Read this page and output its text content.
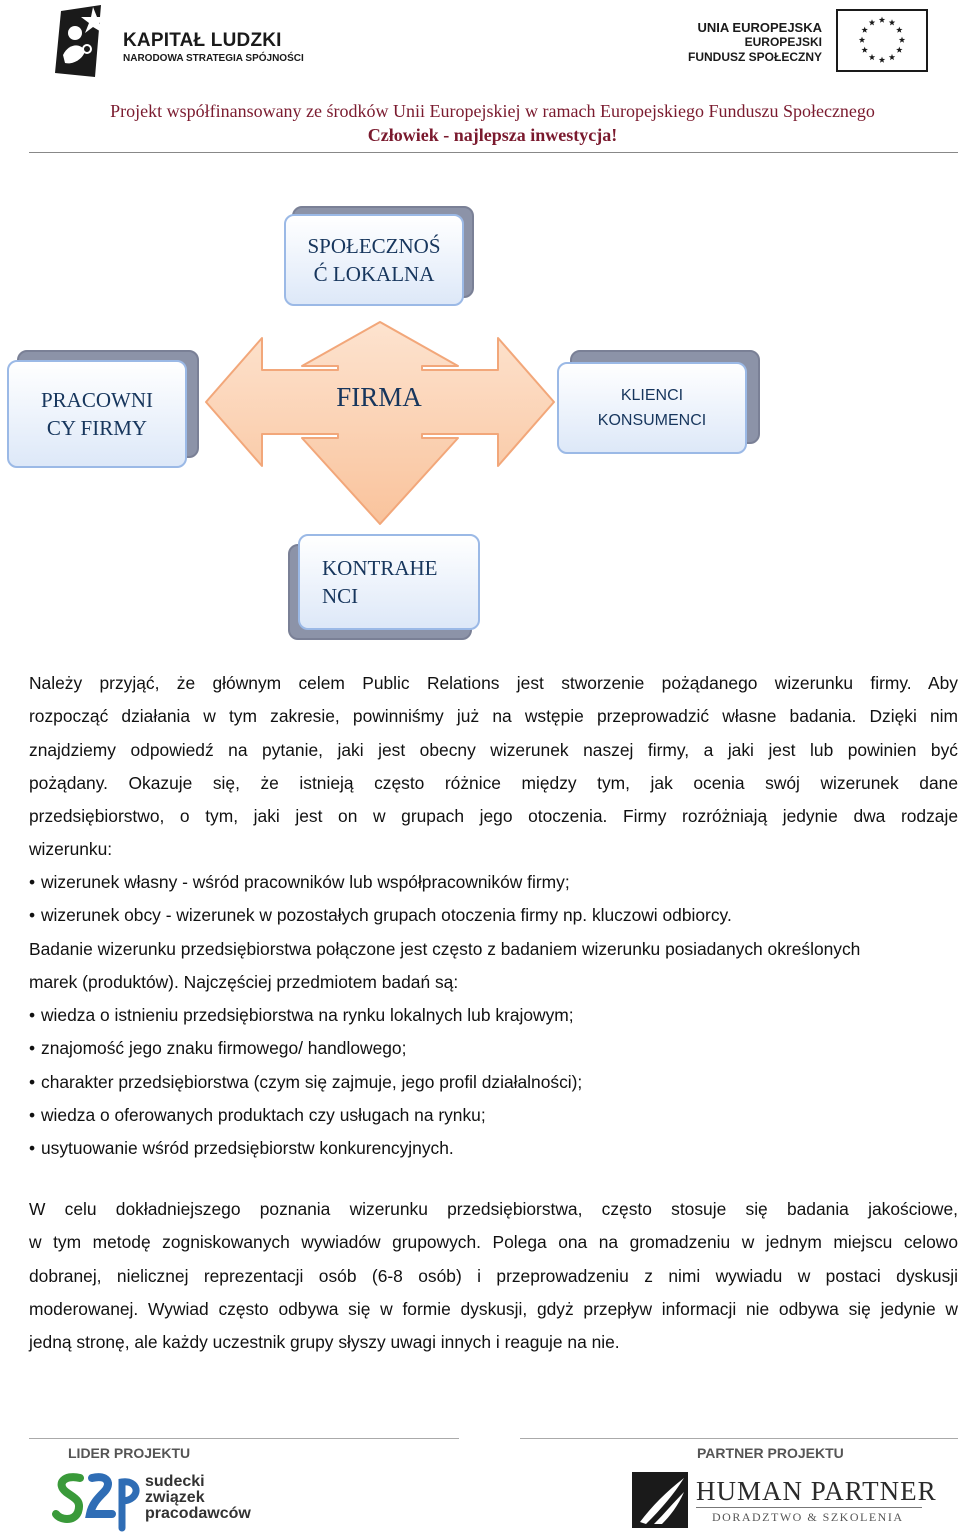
KAPITAŁ LUDZKI
NARODOWA STRATEGIA SPÓJNOŚCI
UNIA EUROPEJSKA
EUROPEJSKI
FUNDUSZ SPOŁECZNY
Projekt współfinansowany ze środków Unii Europejskiej w ramach Europejskiego Funduszu Społecznego
Człowiek - najlepsza inwestycja!
FIRMA
SPOŁECZNOŚ
Ć LOKALNA
PRACOWNI
CY FIRMY
KLIENCI
KONSUMENCI
KONTRAHE
NCI
Należy przyjąć, że głównym celem Public Relations jest stworzenie pożądanego wizerunku firmy. Aby
rozpocząć działania w tym zakresie, powinniśmy już na wstępie przeprowadzić własne badania. Dzięki nim
znajdziemy odpowiedź na pytanie, jaki jest obecny wizerunek naszej firmy, a jaki jest lub powinien być
pożądany. Okazuje się, że istnieją często różnice między tym, jak ocenia swój wizerunek dane
przedsiębiorstwo, o tym, jaki jest on w grupach jego otoczenia. Firmy rozróżniają jedynie dwa rodzaje
wizerunku:
• wizerunek własny - wśród pracowników lub współpracowników firmy;
• wizerunek obcy - wizerunek w pozostałych grupach otoczenia firmy np. kluczowi odbiorcy.
Badanie wizerunku przedsiębiorstwa połączone jest często z badaniem wizerunku posiadanych określonych
marek (produktów). Najczęściej przedmiotem badań są:
• wiedza o istnieniu przedsiębiorstwa na rynku lokalnych lub krajowym;
• znajomość jego znaku firmowego/ handlowego;
• charakter przedsiębiorstwa (czym się zajmuje, jego profil działalności);
• wiedza o oferowanych produktach czy usługach na rynku;
• usytuowanie wśród przedsiębiorstw konkurencyjnych.
W celu dokładniejszego poznania wizerunku przedsiębiorstwa, często stosuje się badania jakościowe,
w tym metodę zogniskowanych wywiadów grupowych. Polega ona na gromadzeniu w jednym miejscu celowo
dobranej, nielicznej reprezentacji osób (6-8 osób) i przeprowadzeniu z nimi wywiadu w postaci dyskusji
moderowanej. Wywiad często odbywa się w formie dyskusji, gdyż przepływ informacji nie odbywa się jedynie w
jedną stronę, ale każdy uczestnik grupy słyszy uwagi innych i reaguje na nie.
LIDER PROJEKTU	PARTNER PROJEKTU
sudecki
związek
pracodawców
HUMAN PARTNER
DORADZTWO & SZKOLENIA
